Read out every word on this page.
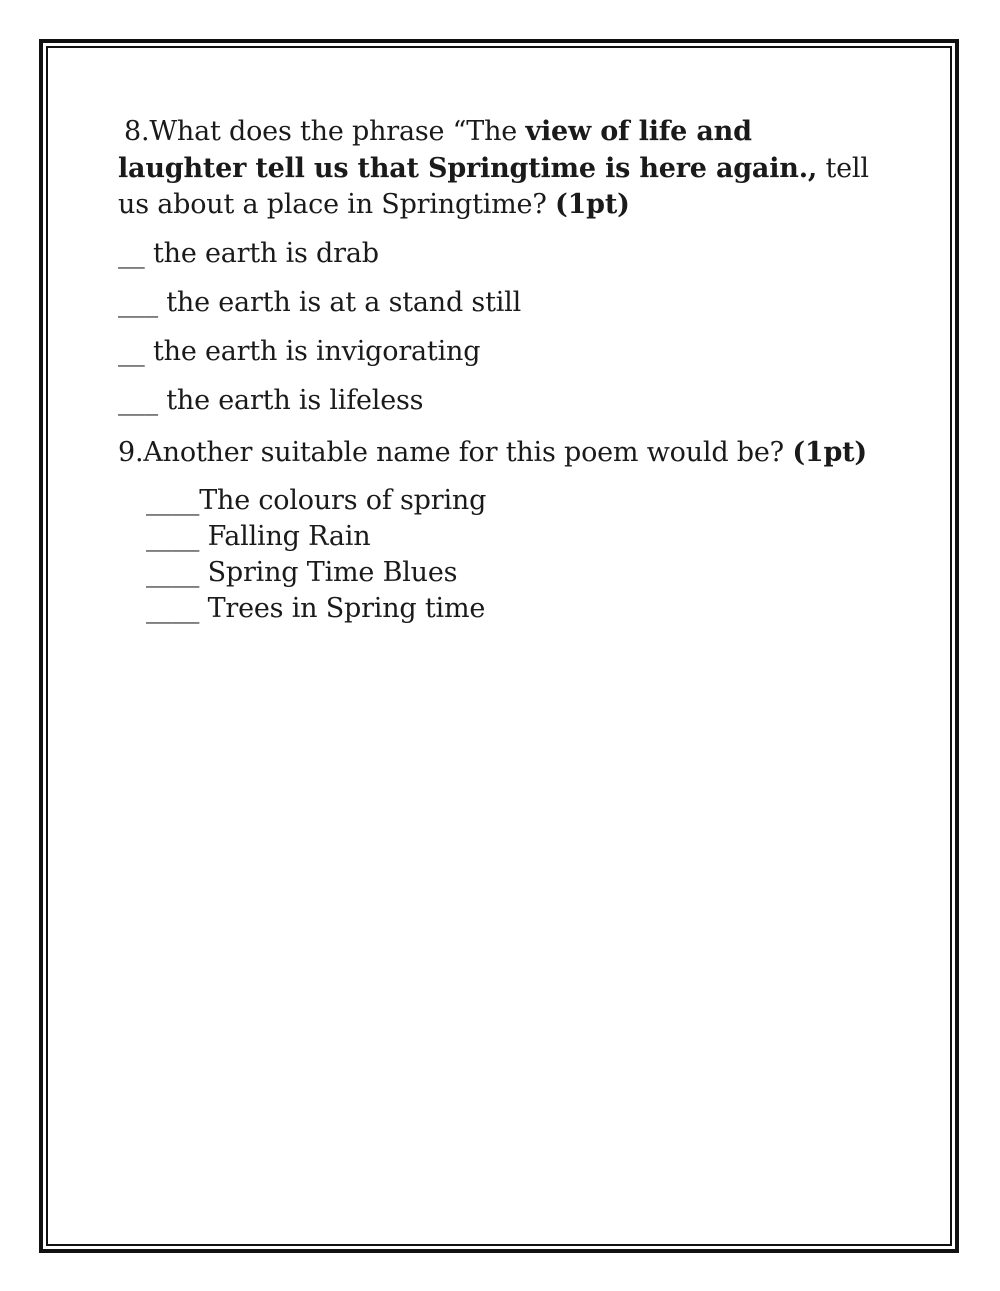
8.What does the phrase “The view of life and laughter tell us that Springtime is here again., tell us about a place in Springtime? (1pt)

__ the earth is drab

___ the earth is at a stand still

__ the earth is invigorating

___ the earth is lifeless

9.Another suitable name for this poem would be? (1pt)

____The colours of spring

____ Falling Rain

____ Spring Time Blues

____ Trees in Spring time
